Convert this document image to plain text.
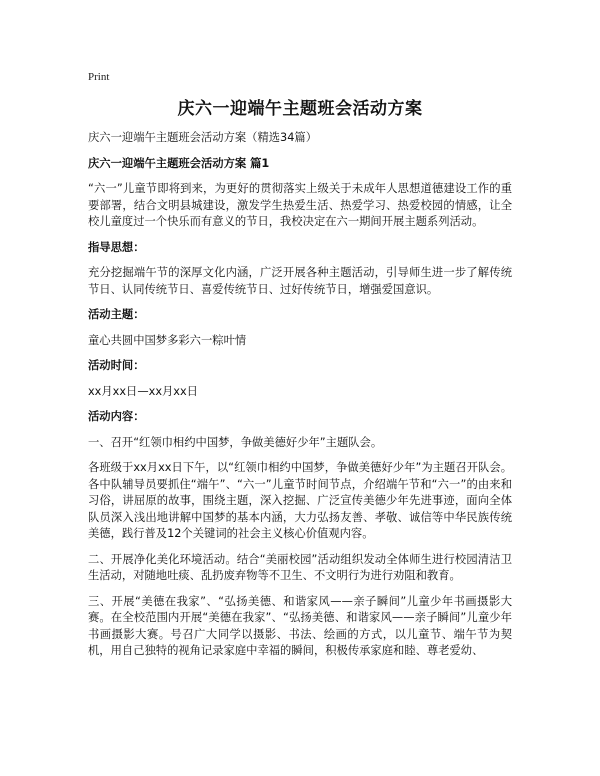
Print
庆六一迎端午主题班会活动方案

庆六一迎端午主题班会活动方案（精选34篇）

庆六一迎端午主题班会活动方案 篇1

“六一”儿童节即将到来，为更好的贯彻落实上级关于未成年人思想道德建设工作的重要部署，结合文明县城建设，激发学生热爱生活、热爱学习、热爱校园的情感，让全校儿童度过一个快乐而有意义的节日，我校决定在六一期间开展主题系列活动。

指导思想：

充分挖掘端午节的深厚文化内涵，广泛开展各种主题活动，引导师生进一步了解传统节日、认同传统节日、喜爱传统节日、过好传统节日，增强爱国意识。

活动主题：

童心共圆中国梦多彩六一粽叶情

活动时间：

xx月xx日—xx月xx日

活动内容：

一、召开“红领巾相约中国梦，争做美德好少年”主题队会。

各班级于xx月xx日下午，以“红领巾相约中国梦，争做美德好少年”为主题召开队会。各中队辅导员要抓住“端午”、“六一”儿童节时间节点，介绍端午节和“六一”的由来和习俗，讲屈原的故事，围绕主题，深入挖掘、广泛宣传美德少年先进事迹，面向全体队员深入浅出地讲解中国梦的基本内涵，大力弘扬友善、孝敬、诚信等中华民族传统美德，践行普及12个关键词的社会主义核心价值观内容。

二、开展净化美化环境活动。结合“美丽校园”活动组织发动全体师生进行校园清洁卫生活动，对随地吐痰、乱扔废弃物等不卫生、不文明行为进行劝阻和教育。

三、开展“美德在我家”、“弘扬美德、和谐家风——亲子瞬间”儿童少年书画摄影大赛。在全校范围内开展“美德在我家”、“弘扬美德、和谐家风——亲子瞬间”儿童少年书画摄影大赛。号召广大同学以摄影、书法、绘画的方式，以儿童节、端午节为契机，用自己独特的视角记录家庭中幸福的瞬间，积极传承家庭和睦、尊老爱幼、
